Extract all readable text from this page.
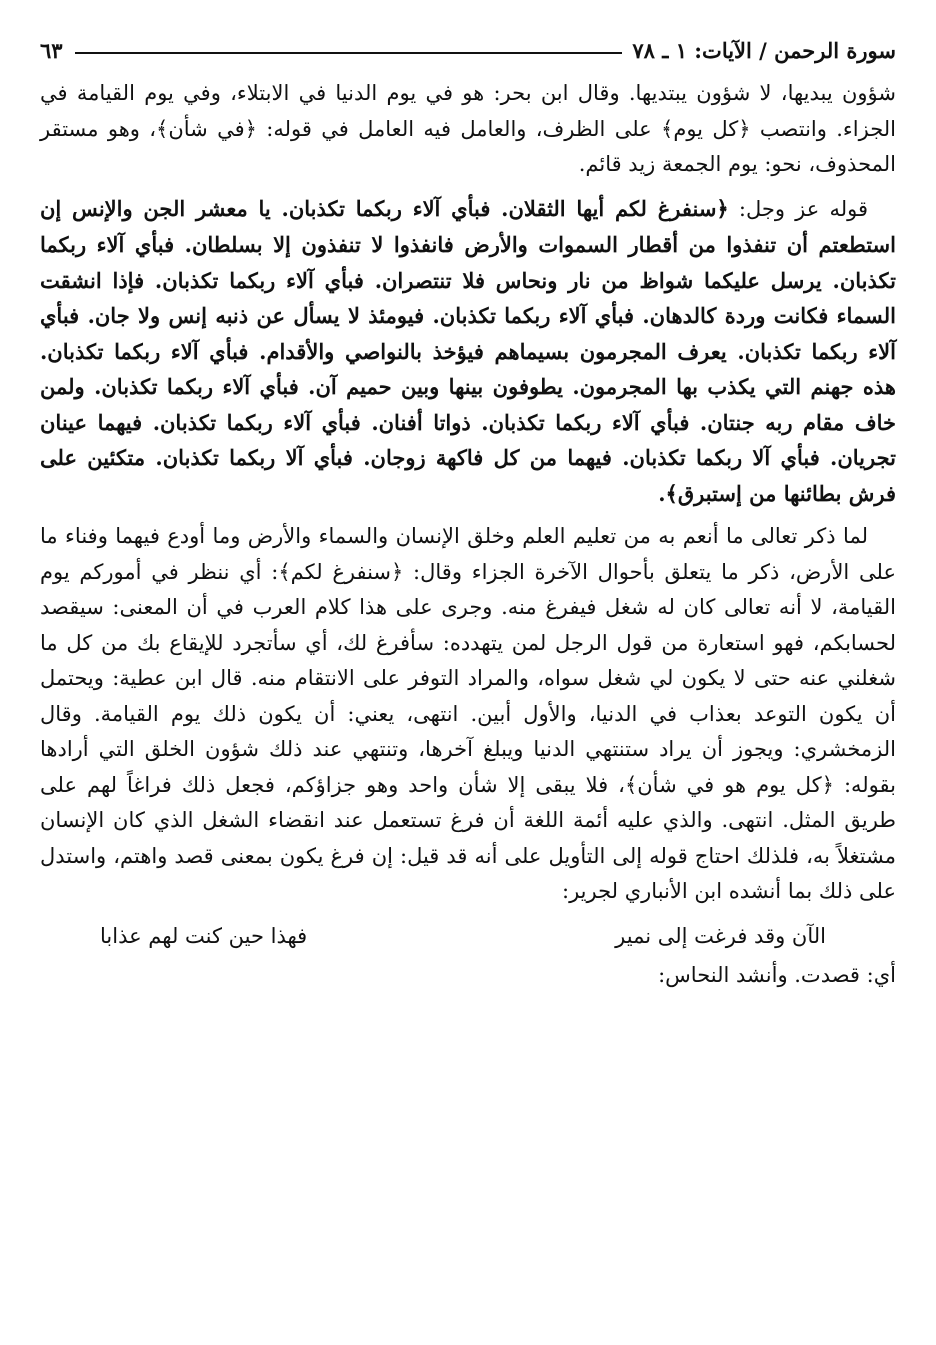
سورة الرحمن / الآيات: ١ ـ ٧٨
٦٣

شؤون يبديها، لا شؤون يبتديها. وقال ابن بحر: هو في يوم الدنيا في الابتلاء، وفي يوم القيامة في الجزاء. وانتصب ﴿كل يوم﴾ على الظرف، والعامل فيه العامل في قوله: ﴿في شأن﴾، وهو مستقر المحذوف، نحو: يوم الجمعة زيد قائم.

قوله عز وجل: ﴿سنفرغ لكم أيها الثقلان. فبأي آلاء ربكما تكذبان. يا معشر الجن والإنس إن استطعتم أن تنفذوا من أقطار السموات والأرض فانفذوا لا تنفذون إلا بسلطان. فبأي آلاء ربكما تكذبان. يرسل عليكما شواظ من نار ونحاس فلا تنتصران. فبأي آلاء ربكما تكذبان. فإذا انشقت السماء فكانت وردة كالدهان. فبأي آلاء ربكما تكذبان. فيومئذ لا يسأل عن ذنبه إنس ولا جان. فبأي آلاء ربكما تكذبان. يعرف المجرمون بسيماهم فيؤخذ بالنواصي والأقدام. فبأي آلاء ربكما تكذبان. هذه جهنم التي يكذب بها المجرمون. يطوفون بينها وبين حميم آن. فبأي آلاء ربكما تكذبان. ولمن خاف مقام ربه جنتان. فبأي آلاء ربكما تكذبان. ذواتا أفنان. فبأي آلاء ربكما تكذبان. فيهما عينان تجريان. فبأي آلا ربكما تكذبان. فيهما من كل فاكهة زوجان. فبأي آلا ربكما تكذبان. متكئين على فرش بطائنها من إستبرق﴾.

لما ذكر تعالى ما أنعم به من تعليم العلم وخلق الإنسان والسماء والأرض وما أودع فيهما وفناء ما على الأرض، ذكر ما يتعلق بأحوال الآخرة الجزاء وقال: ﴿سنفرغ لكم﴾: أي ننظر في أموركم يوم القيامة، لا أنه تعالى كان له شغل فيفرغ منه. وجرى على هذا كلام العرب في أن المعنى: سيقصد لحسابكم، فهو استعارة من قول الرجل لمن يتهدده: سأفرغ لك، أي سأتجرد للإيقاع بك من كل ما شغلني عنه حتى لا يكون لي شغل سواه، والمراد التوفر على الانتقام منه. قال ابن عطية: ويحتمل أن يكون التوعد بعذاب في الدنيا، والأول أبين. انتهى، يعني: أن يكون ذلك يوم القيامة. وقال الزمخشري: ويجوز أن يراد ستنتهي الدنيا ويبلغ آخرها، وتنتهي عند ذلك شؤون الخلق التي أرادها بقوله: ﴿كل يوم هو في شأن﴾، فلا يبقى إلا شأن واحد وهو جزاؤكم، فجعل ذلك فراغاً لهم على طريق المثل. انتهى. والذي عليه أئمة اللغة أن فرغ تستعمل عند انقضاء الشغل الذي كان الإنسان مشتغلاً به، فلذلك احتاج قوله إلى التأويل على أنه قد قيل: إن فرغ يكون بمعنى قصد واهتم، واستدل على ذلك بما أنشده ابن الأنباري لجرير:

الآن وقد فرغت إلى نمير
فهذا حين كنت لهم عذابا

أي: قصدت. وأنشد النحاس:
